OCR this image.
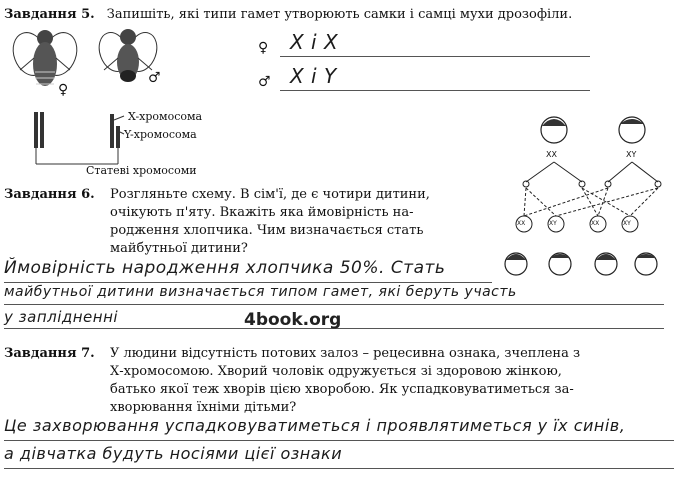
Завдання 5. Запишіть, які типи гамет утворюють самки і самці мухи дрозофіли.
♀
♂
X-хромосома
Y-хромосома
Статеві хромосоми
♀ X i X
♂ X i Y
Завдання 6. Розгляньте схему. В сім'ї, де є чотири дитини,
очікують п'яту. Вкажіть яка ймовірність на-
родження хлопчика. Чим визначається стать
майбутньої дитини?
XX	XY
XX	XY	XX	XY
Ймовірність народження хлопчика 50%. Стать
майбутньої дитини визначається типом гамет, які беруть участь
у заплідненні	4book.org
Завдання 7. У людини відсутність потових залоз – рецесивна ознака, зчеплена з
Х-хромосомою. Хворий чоловік одружується зі здоровою жінкою,
батько якої теж хворів цією хворобою. Як успадковуватиметься за-
хворювання їхніми дітьми?
Це захворювання успадковуватиметься і проявлятиметься у їх синів,
а дівчатка будуть носіями цієї ознаки
